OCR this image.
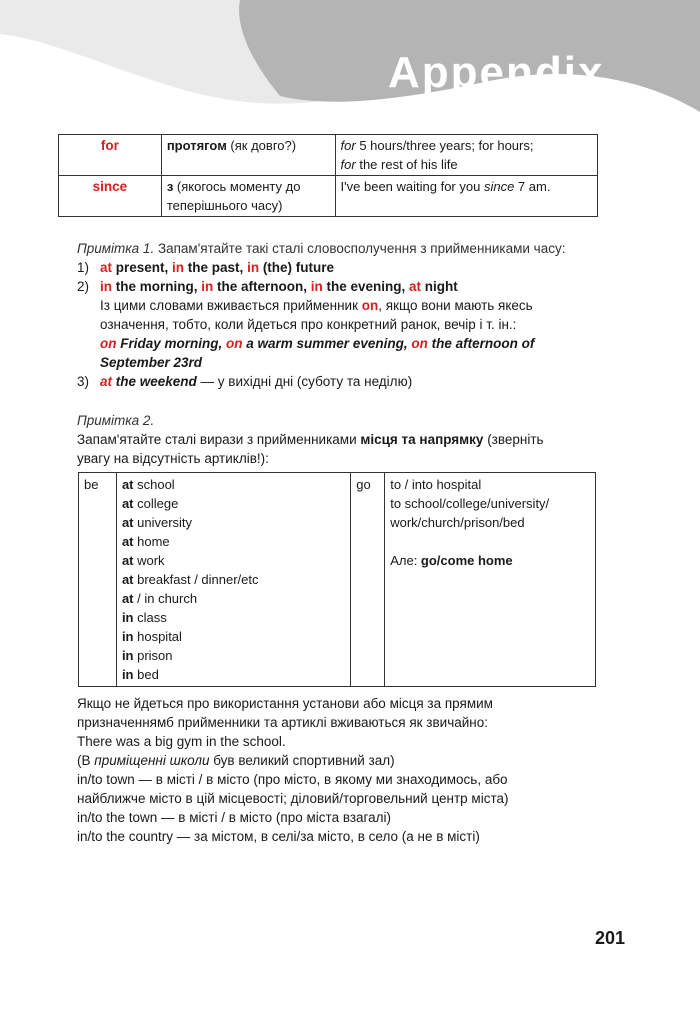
Appendix
for	протягом (як довго?)	for 5 hours/three years; for hours;
for the rest of his life

since	з (якогось моменту до
теперішнього часу)	I've been waiting for you since 7 am.
Примітка 1. Запам'ятайте такі сталі словосполучення з прийменниками часу:
1) at present, in the past, in (the) future
2) in the morning, in the afternoon, in the evening, at night
Із цими словами вживається прийменник on, якщо вони мають якесь
означення, тобто, коли йдеться про конкретний ранок, вечір і т. ін.:
on Friday morning, on a warm summer evening, on the afternoon of
September 23rd
3) at the weekend — у вихідні дні (суботу та неділю)
Примітка 2.
Запам'ятайте сталі вирази з прийменниками місця та напрямку (зверніть
увагу на відсутність артиклів!):
be	at school
at college
at university
at home
at work
at breakfast / dinner/etc
at / in church
in class
in hospital
in prison
in bed
	go	to / into hospital
to school/college/university/
work/church/prison/bed

Але: go/come home
Якщо не йдеться про використання установи або місця за прямим
призначеннямб прийменники та артиклі вживаються як звичайно:
There was a big gym in the school.
(В приміщенні школи був великий спортивний зал)
in/to town — в місті / в місто (про місто, в якому ми знаходимось, або
найближче місто в цій місцевості; діловий/торговельний центр міста)
in/to the town — в місті / в місто (про міста взагалі)
in/to the country — за містом, в селі/за місто, в село (а не в місті)
201
